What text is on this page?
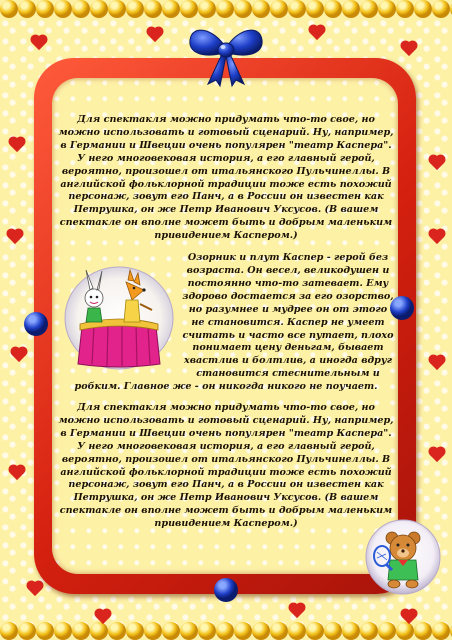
Для спектакля можно придумать что-то свое, но можно использовать и готовый сценарий. Ну, например, в Германии и Швеции очень популярен "театр Каспера". У него многовековая история, а его главный герой, вероятно, произошел от итальянского Пульчинеллы. В английской фольклорной традиции тоже есть похожий персонаж, зовут его Панч, а в России он известен как Петрушка, он же Петр Иванович Уксусов. (В вашем спектакле он вполне может быть и добрым маленьким привидением Каспером.)

Озорник и плут Каспер - герой без возраста. Он весел, великодушен и постоянно что-то затевает. Ему здорово достается за его озорство, но разумнее и мудрее он от этого не становится. Каспер не умеет считать и часто все путает, плохо понимает цену деньгам, бывает хвастлив и болтлив, а иногда вдруг становится стеснительным и робким. Главное же - он никогда никого не поучает.

Для спектакля можно придумать что-то свое, но можно использовать и готовый сценарий. Ну, например, в Германии и Швеции очень популярен "театр Каспера". У него многовековая история, а его главный герой, вероятно, произошел от итальянского Пульчинеллы. В английской фольклорной традиции тоже есть похожий персонаж, зовут его Панч, а в России он известен как Петрушка, он же Петр Иванович Уксусов. (В вашем спектакле он вполне может быть и добрым маленьким привидением Каспером.)
